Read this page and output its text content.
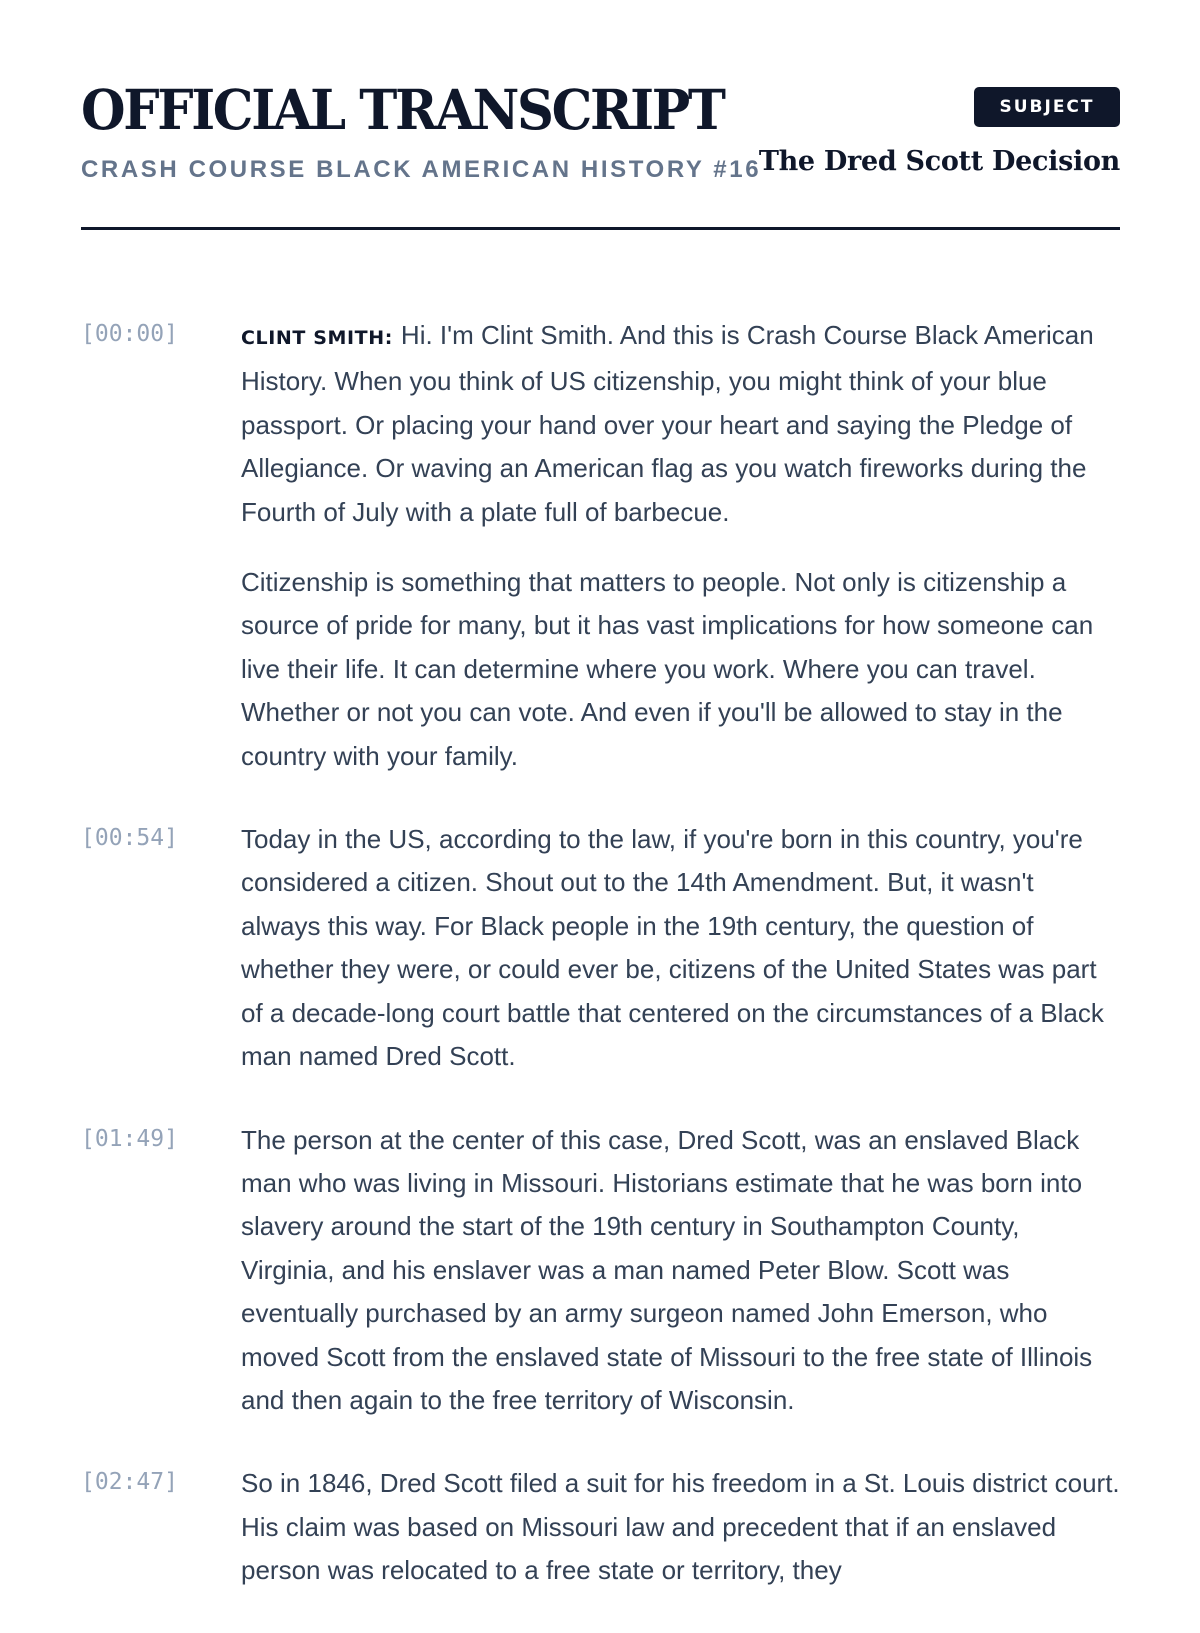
OFFICIAL TRANSCRIPT
CRASH COURSE BLACK AMERICAN HISTORY #16
SUBJECT
The Dred Scott Decision
[00:00]	CLINT SMITH: Hi. I'm Clint Smith. And this is Crash Course Black American History. When you think of US citizenship, you might think of your blue passport. Or placing your hand over your heart and saying the Pledge of Allegiance. Or waving an American flag as you watch fireworks during the Fourth of July with a plate full of barbecue.

Citizenship is something that matters to people. Not only is citizenship a source of pride for many, but it has vast implications for how someone can live their life. It can determine where you work. Where you can travel. Whether or not you can vote. And even if you'll be allowed to stay in the country with your family.

[00:54] Today in the US, according to the law, if you're born in this country, you're considered a citizen. Shout out to the 14th Amendment. But, it wasn't always this way. For Black people in the 19th century, the question of whether they were, or could ever be, citizens of the United States was part of a decade-long court battle that centered on the circumstances of a Black man named Dred Scott.

[01:49] The person at the center of this case, Dred Scott, was an enslaved Black man who was living in Missouri. Historians estimate that he was born into slavery around the start of the 19th century in Southampton County, Virginia, and his enslaver was a man named Peter Blow. Scott was eventually purchased by an army surgeon named John Emerson, who moved Scott from the enslaved state of Missouri to the free state of Illinois and then again to the free territory of Wisconsin.

[02:47] So in 1846, Dred Scott filed a suit for his freedom in a St. Louis district court. His claim was based on Missouri law and precedent that if an enslaved person was relocated to a free state or territory, they
